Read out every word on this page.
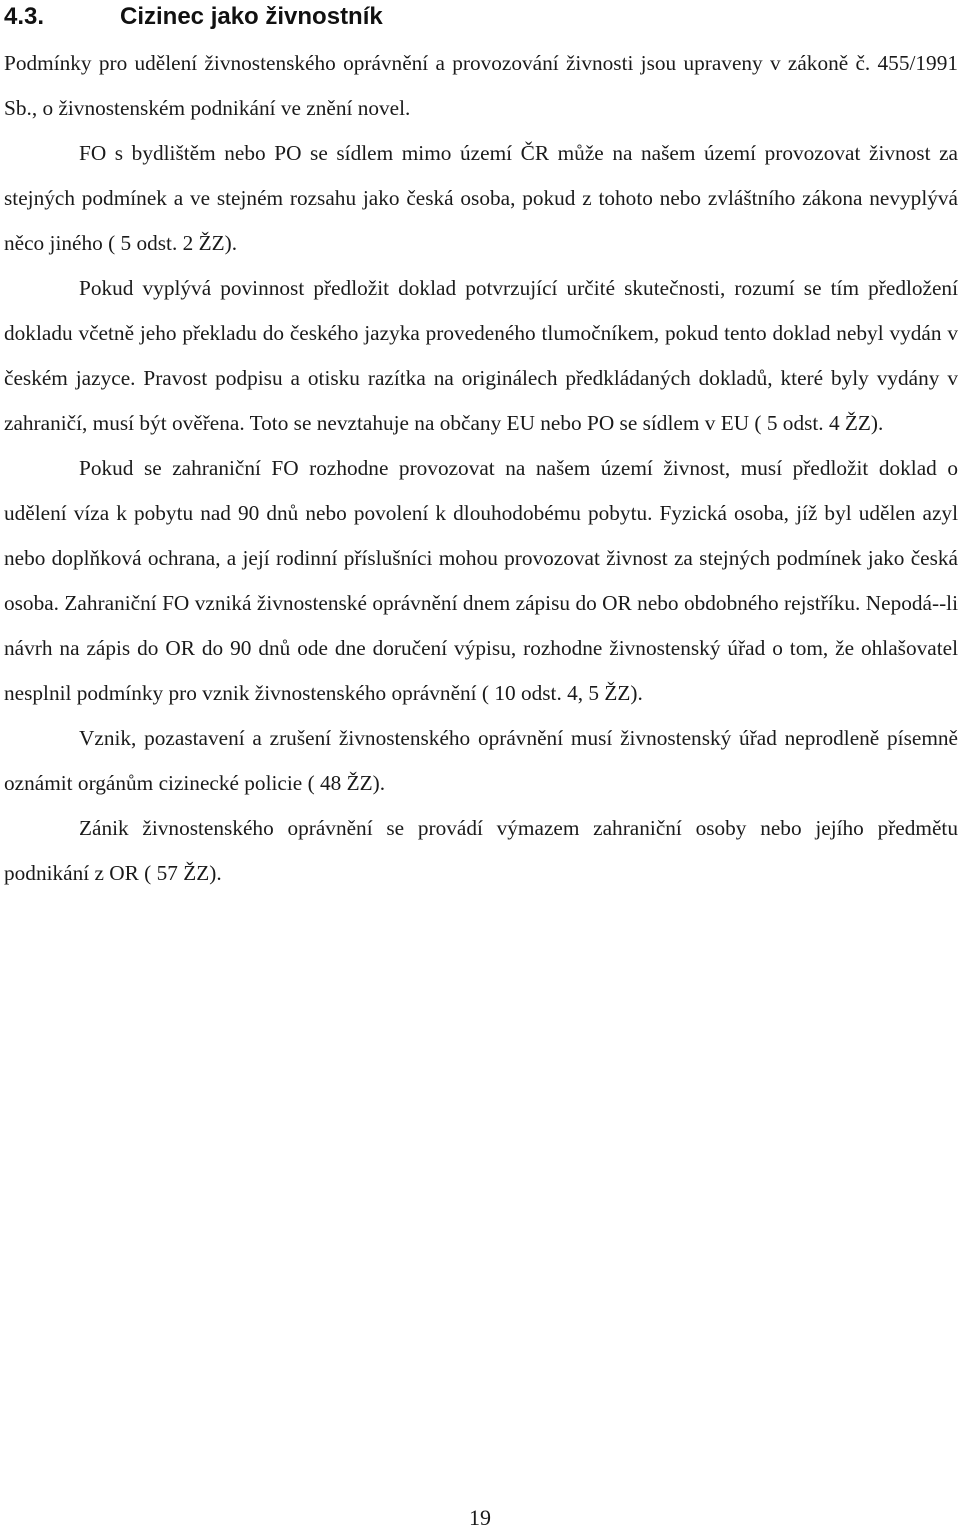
4.3.	Cizinec jako živnostník

Podmínky pro udělení živnostenského oprávnění a provozování živnosti jsou upraveny v zákoně č. 455/1991 Sb., o živnostenském podnikání ve znění novel.

FO s bydlištěm nebo PO se sídlem mimo území ČR může na našem území provozovat živnost za stejných podmínek a ve stejném rozsahu jako česká osoba, pokud z tohoto nebo zvláštního zákona nevyplývá něco jiného ( 5 odst. 2 ŽZ).

Pokud vyplývá povinnost předložit doklad potvrzující určité skutečnosti, rozumí se tím předložení dokladu včetně jeho překladu do českého jazyka provedeného tlumočníkem, pokud tento doklad nebyl vydán v českém jazyce. Pravost podpisu a otisku razítka na originálech předkládaných dokladů, které byly vydány v zahraničí, musí být ověřena. Toto se nevztahuje na občany EU nebo PO se sídlem v EU ( 5 odst. 4 ŽZ).

Pokud se zahraniční FO rozhodne provozovat na našem území živnost, musí předložit doklad o udělení víza k pobytu nad 90 dnů nebo povolení k dlouhodobému pobytu. Fyzická osoba, jíž byl udělen azyl nebo doplňková ochrana, a její rodinní příslušníci mohou provozovat živnost za stejných podmínek jako česká osoba. Zahraniční FO vzniká živnostenské oprávnění dnem zápisu do OR nebo obdobného rejstříku. Nepodá--li návrh na zápis do OR do 90 dnů ode dne doručení výpisu, rozhodne živnostenský úřad o tom, že ohlašovatel nesplnil podmínky pro vznik živnostenského oprávnění ( 10 odst. 4, 5 ŽZ).

Vznik, pozastavení a zrušení živnostenského oprávnění musí živnostenský úřad neprodleně písemně oznámit orgánům cizinecké policie ( 48 ŽZ).

Zánik živnostenského oprávnění se provádí výmazem zahraniční osoby nebo jejího předmětu podnikání z OR ( 57 ŽZ).

19
